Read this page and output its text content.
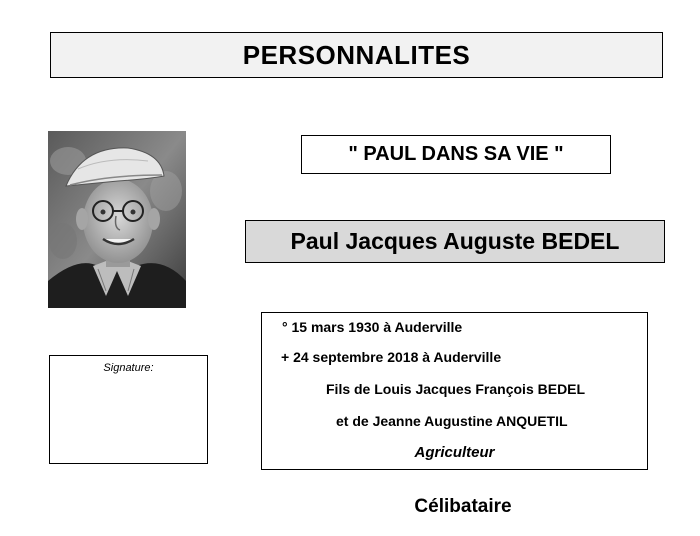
PERSONNALITES
" PAUL DANS SA VIE "
Paul Jacques Auguste BEDEL
Signature:
° 15 mars 1930 à Auderville
+ 24 septembre 2018 à Auderville
Fils de Louis Jacques François BEDEL
et de Jeanne Augustine ANQUETIL
Agriculteur
Célibataire
